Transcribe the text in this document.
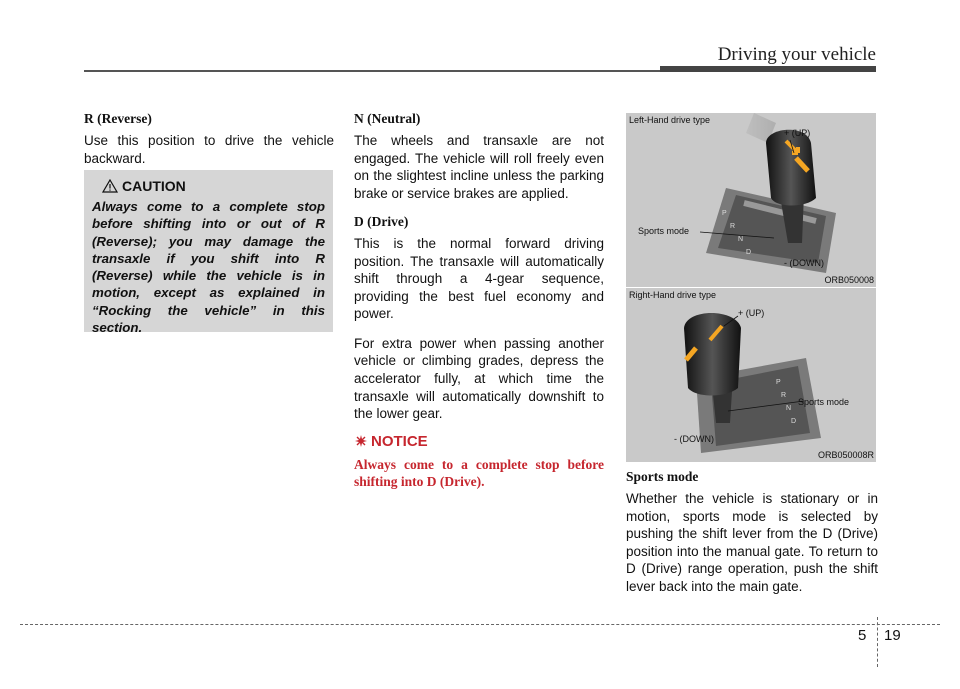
Driving your vehicle

R (Reverse)

Use this position to drive the vehicle backward.

CAUTION
Always come to a complete stop before shifting into or out of R (Reverse); you may damage the transaxle if you shift into R (Reverse) while the vehicle is in motion, except as explained in “Rocking the vehicle” in this section.

N (Neutral)

The wheels and transaxle are not engaged. The vehicle will roll freely even on the slightest incline unless the parking brake or service brakes are applied.

D (Drive)

This is the normal forward driving position. The transaxle will automatically shift through a 4-gear sequence, providing the best fuel economy and power.

For extra power when passing another vehicle or climbing grades, depress the accelerator fully, at which time the transaxle will automatically downshift to the lower gear.

NOTICE
Always come to a complete stop before shifting into D (Drive).
P
R
N
D
Left-Hand drive type
+ (UP)
Sports mode
- (DOWN)
ORB050008
P
R
N
D
Right-Hand drive type
+ (UP)
Sports mode
- (DOWN)
ORB050008R

Sports mode

Whether the vehicle is stationary or in motion, sports mode is selected by pushing the shift lever from the D (Drive) position into the manual gate. To return to D (Drive) range operation, push the shift lever back into the main gate.

5 19
